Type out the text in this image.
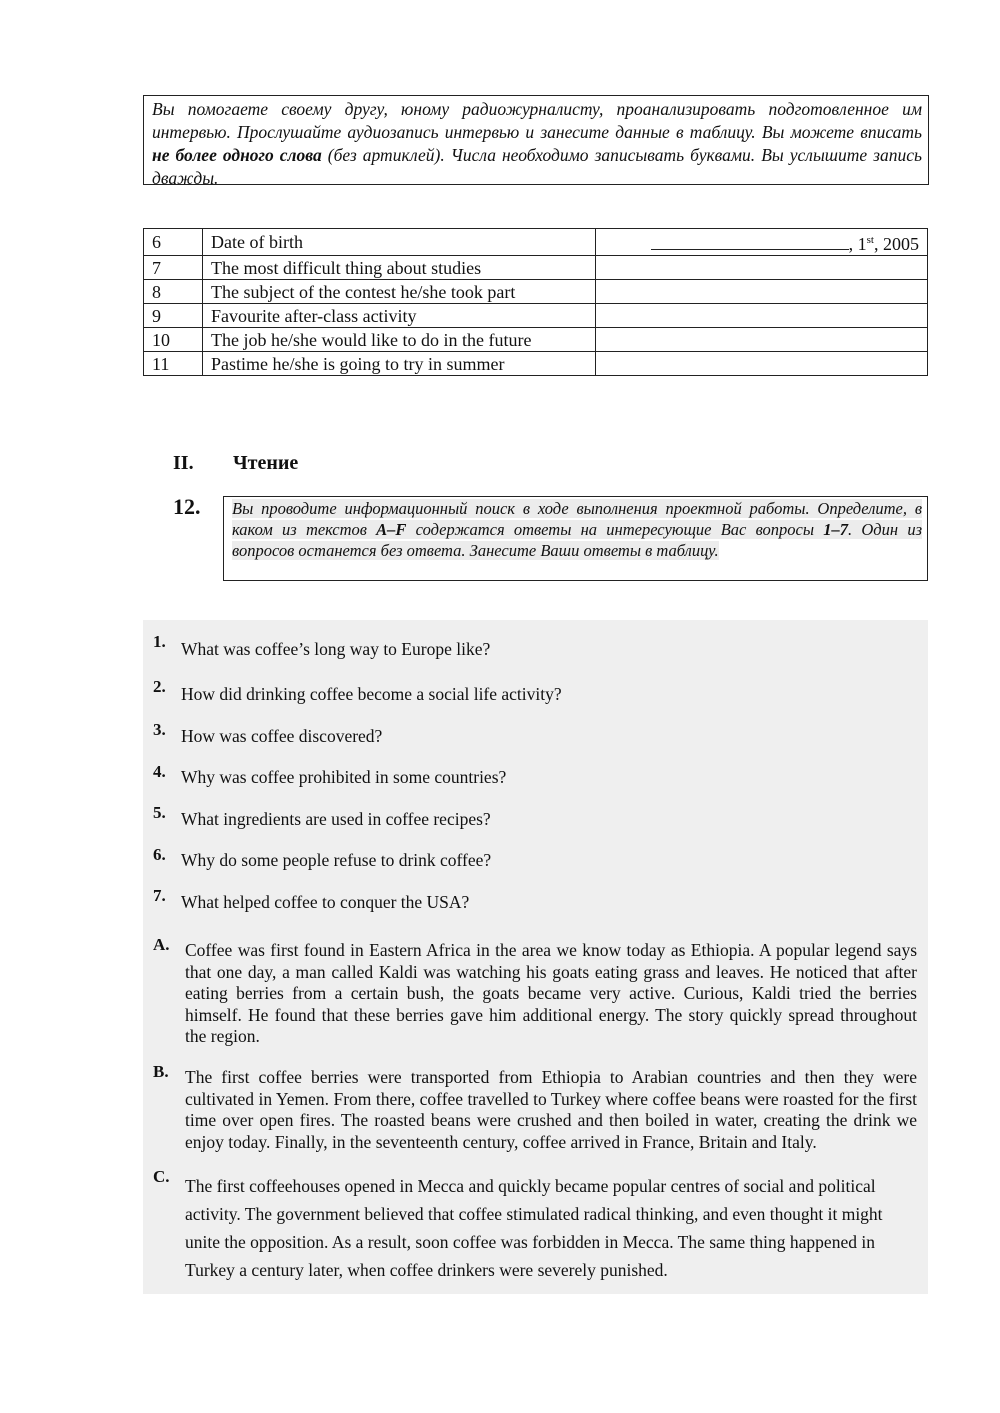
Вы помогаете своему другу, юному радиожурналисту, проанализировать подготовленное им интервью. Прослушайте аудиозапись интервью и занесите данные в таблицу. Вы можете вписать не более одного слова (без артиклей). Числа необходимо записывать буквами. Вы услышите запись дважды.
6	Date of birth	, 1st, 2005
7	The most difficult thing about studies	
8	The subject of the contest he/she took part	
9	Favourite after-class activity	
10	The job he/she would like to do in the future	
11	Pastime he/she is going to try in summer	
II. Чтение
12.	Вы проводите информационный поиск в ходе выполнения проектной работы. Определите, в каком из текстов A–F содержатся ответы на интересующие Вас вопросы 1–7. Один из вопросов останется без ответа. Занесите Ваши ответы в таблицу.
1. What was coffee’s long way to Europe like?
2. How did drinking coffee become a social life activity?
3. How was coffee discovered?
4. Why was coffee prohibited in some countries?
5. What ingredients are used in coffee recipes?
6. Why do some people refuse to drink coffee?
7. What helped coffee to conquer the USA?
A. Coffee was first found in Eastern Africa in the area we know today as Ethiopia. A popular legend says that one day, a man called Kaldi was watching his goats eating grass and leaves. He noticed that after eating berries from a certain bush, the goats became very active. Curious, Kaldi tried the berries himself. He found that these berries gave him additional energy. The story quickly spread throughout the region.
B. The first coffee berries were transported from Ethiopia to Arabian countries and then they were cultivated in Yemen. From there, coffee travelled to Turkey where coffee beans were roasted for the first time over open fires. The roasted beans were crushed and then boiled in water, creating the drink we enjoy today. Finally, in the seventeenth century, coffee arrived in France, Britain and Italy.
C. The first coffeehouses opened in Mecca and quickly became popular centres of social and political activity. The government believed that coffee stimulated radical thinking, and even thought it might unite the opposition. As a result, soon coffee was forbidden in Mecca. The same thing happened in Turkey a century later, when coffee drinkers were severely punished.
